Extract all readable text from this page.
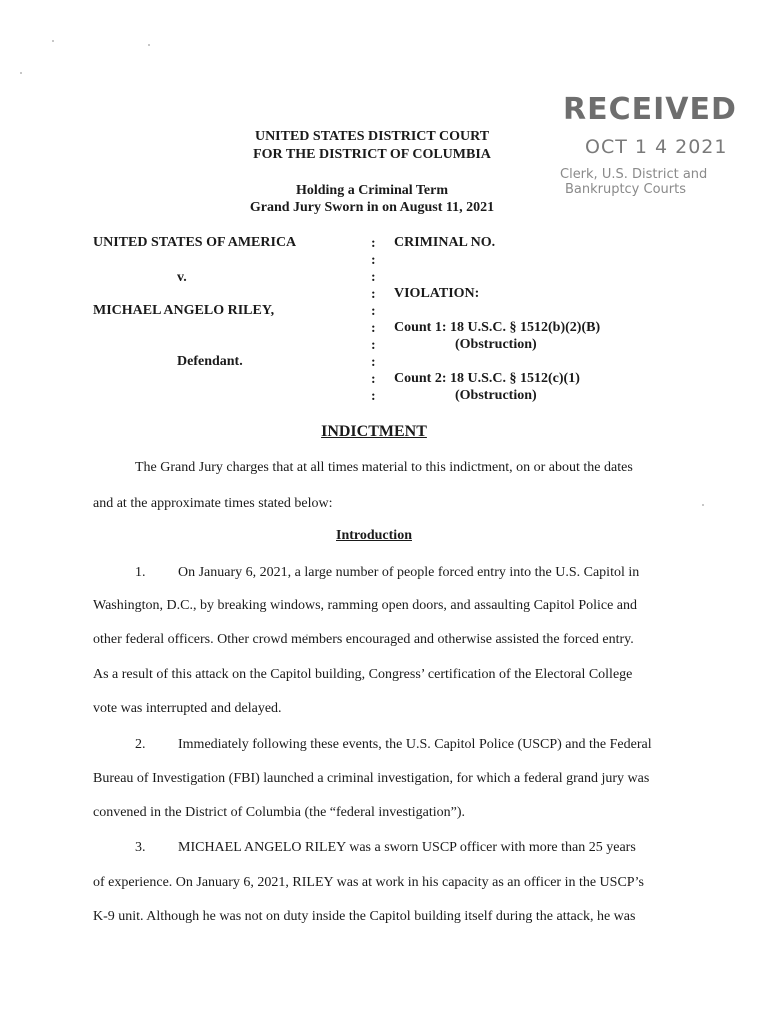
RECEIVED
OCT 1 4 2021
Clerk, U.S. District and
Bankruptcy Courts
UNITED STATES DISTRICT COURT
FOR THE DISTRICT OF COLUMBIA
Holding a Criminal Term
Grand Jury Sworn in on August 11, 2021
UNITED STATES OF AMERICA
v.
MICHAEL ANGELO RILEY,
Defendant.
:
:
:
:
:
:
:
:
:
:
CRIMINAL NO.
VIOLATION:
Count 1: 18 U.S.C. § 1512(b)(2)(B)
(Obstruction)
Count 2: 18 U.S.C. § 1512(c)(1)
(Obstruction)
INDICTMENT
The Grand Jury charges that at all times material to this indictment, on or about the dates
and at the approximate times stated below:
Introduction
1. On January 6, 2021, a large number of people forced entry into the U.S. Capitol in
Washington, D.C., by breaking windows, ramming open doors, and assaulting Capitol Police and
other federal officers. Other crowd members encouraged and otherwise assisted the forced entry.
As a result of this attack on the Capitol building, Congress’ certification of the Electoral College
vote was interrupted and delayed.
2. Immediately following these events, the U.S. Capitol Police (USCP) and the Federal
Bureau of Investigation (FBI) launched a criminal investigation, for which a federal grand jury was
convened in the District of Columbia (the “federal investigation”).
3. MICHAEL ANGELO RILEY was a sworn USCP officer with more than 25 years
of experience. On January 6, 2021, RILEY was at work in his capacity as an officer in the USCP’s
K-9 unit. Although he was not on duty inside the Capitol building itself during the attack, he was
